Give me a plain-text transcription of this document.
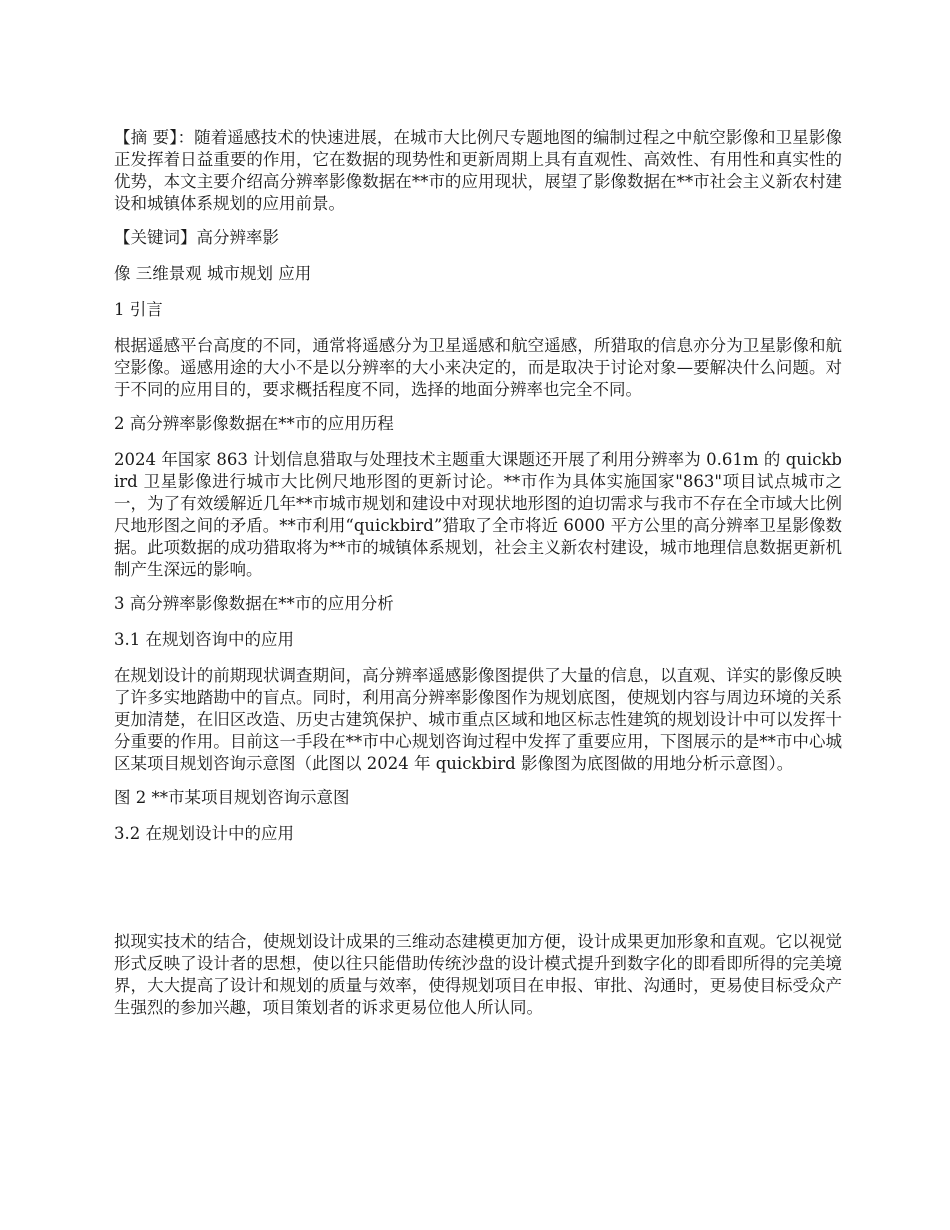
【摘 要】：随着遥感技术的快速进展，在城市大比例尺专题地图的编制过程之中航空影像和卫星影像正发挥着日益重要的作用，它在数据的现势性和更新周期上具有直观性、高效性、有用性和真实性的优势，本文主要介绍高分辨率影像数据在**市的应用现状，展望了影像数据在**市社会主义新农村建设和城镇体系规划的应用前景。

【关键词】高分辨率影

像 三维景观 城市规划 应用

1 引言

根据遥感平台高度的不同，通常将遥感分为卫星遥感和航空遥感，所猎取的信息亦分为卫星影像和航空影像。遥感用途的大小不是以分辨率的大小来决定的，而是取决于讨论对象—要解决什么问题。对于不同的应用目的，要求概括程度不同，选择的地面分辨率也完全不同。

2 高分辨率影像数据在**市的应用历程

2024 年国家 863 计划信息猎取与处理技术主题重大课题还开展了利用分辨率为 0.61m 的 quickbird 卫星影像进行城市大比例尺地形图的更新讨论。**市作为具体实施国家"863"项目试点城市之一，为了有效缓解近几年**市城市规划和建设中对现状地形图的迫切需求与我市不存在全市域大比例尺地形图之间的矛盾。**市利用“quickbird”猎取了全市将近 6000 平方公里的高分辨率卫星影像数据。此项数据的成功猎取将为**市的城镇体系规划，社会主义新农村建设，城市地理信息数据更新机制产生深远的影响。

3 高分辨率影像数据在**市的应用分析

3.1 在规划咨询中的应用

在规划设计的前期现状调查期间，高分辨率遥感影像图提供了大量的信息，以直观、详实的影像反映了许多实地踏勘中的盲点。同时，利用高分辨率影像图作为规划底图，使规划内容与周边环境的关系更加清楚，在旧区改造、历史古建筑保护、城市重点区域和地区标志性建筑的规划设计中可以发挥十分重要的作用。目前这一手段在**市中心规划咨询过程中发挥了重要应用，下图展示的是**市中心城区某项目规划咨询示意图（此图以 2024 年 quickbird 影像图为底图做的用地分析示意图）。

图 2 **市某项目规划咨询示意图

3.2 在规划设计中的应用

拟现实技术的结合，使规划设计成果的三维动态建模更加方便，设计成果更加形象和直观。它以视觉形式反映了设计者的思想，使以往只能借助传统沙盘的设计模式提升到数字化的即看即所得的完美境界，大大提高了设计和规划的质量与效率，使得规划项目在申报、审批、沟通时，更易使目标受众产生强烈的参加兴趣，项目策划者的诉求更易位他人所认同。
